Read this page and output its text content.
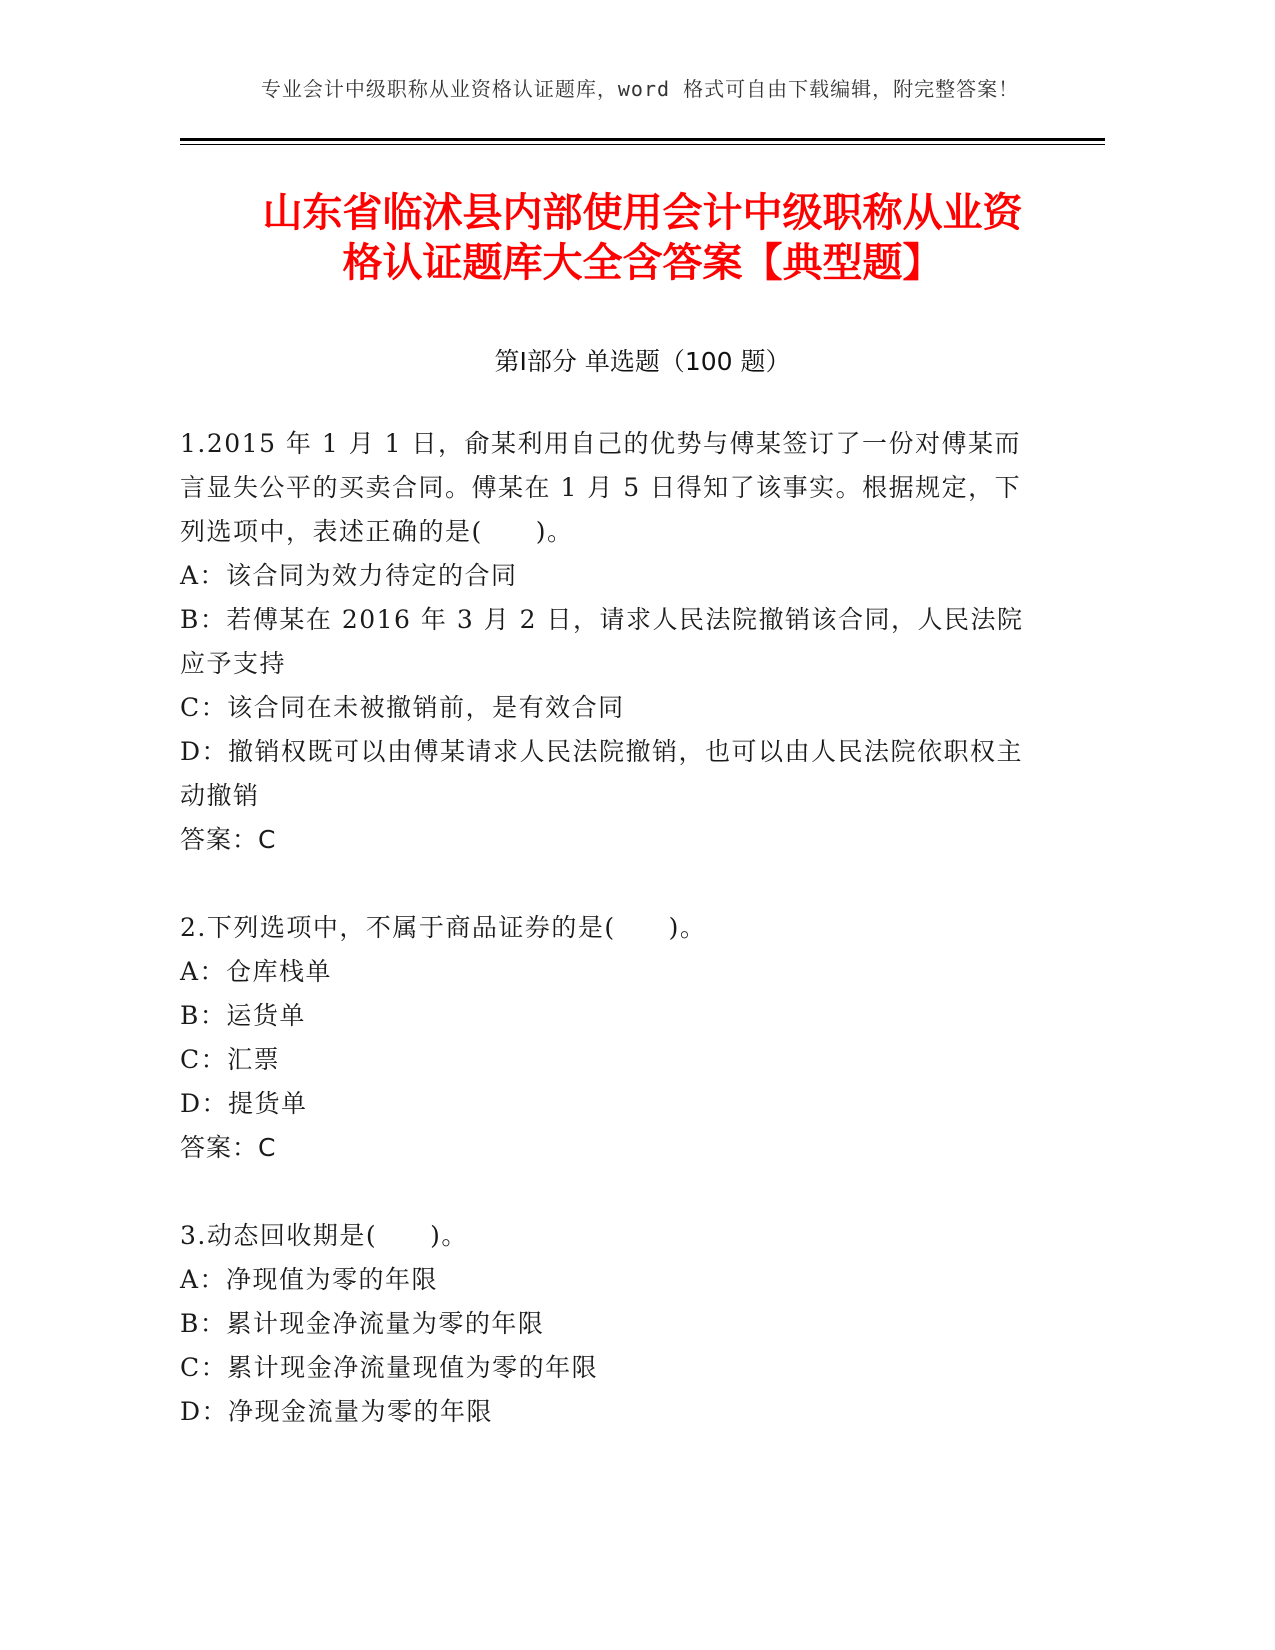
专业会计中级职称从业资格认证题库，word 格式可自由下载编辑，附完整答案！
山东省临沭县内部使用会计中级职称从业资
格认证题库大全含答案【典型题】
第Ⅰ部分 单选题（100 题）
1.2015 年 1 月 1 日，俞某利用自己的优势与傅某签订了一份对傅某而言显失公平的买卖合同。傅某在 1 月 5 日得知了该事实。根据规定，下列选项中，表述正确的是(　　)。
A：该合同为效力待定的合同
B：若傅某在 2016 年 3 月 2 日，请求人民法院撤销该合同，人民法院应予支持
C：该合同在未被撤销前，是有效合同
D：撤销权既可以由傅某请求人民法院撤销，也可以由人民法院依职权主动撤销
答案：C
2.下列选项中，不属于商品证券的是(　　)。
A：仓库栈单
B：运货单
C：汇票
D：提货单
答案：C
3.动态回收期是(　　)。
A：净现值为零的年限
B：累计现金净流量为零的年限
C：累计现金净流量现值为零的年限
D：净现金流量为零的年限
